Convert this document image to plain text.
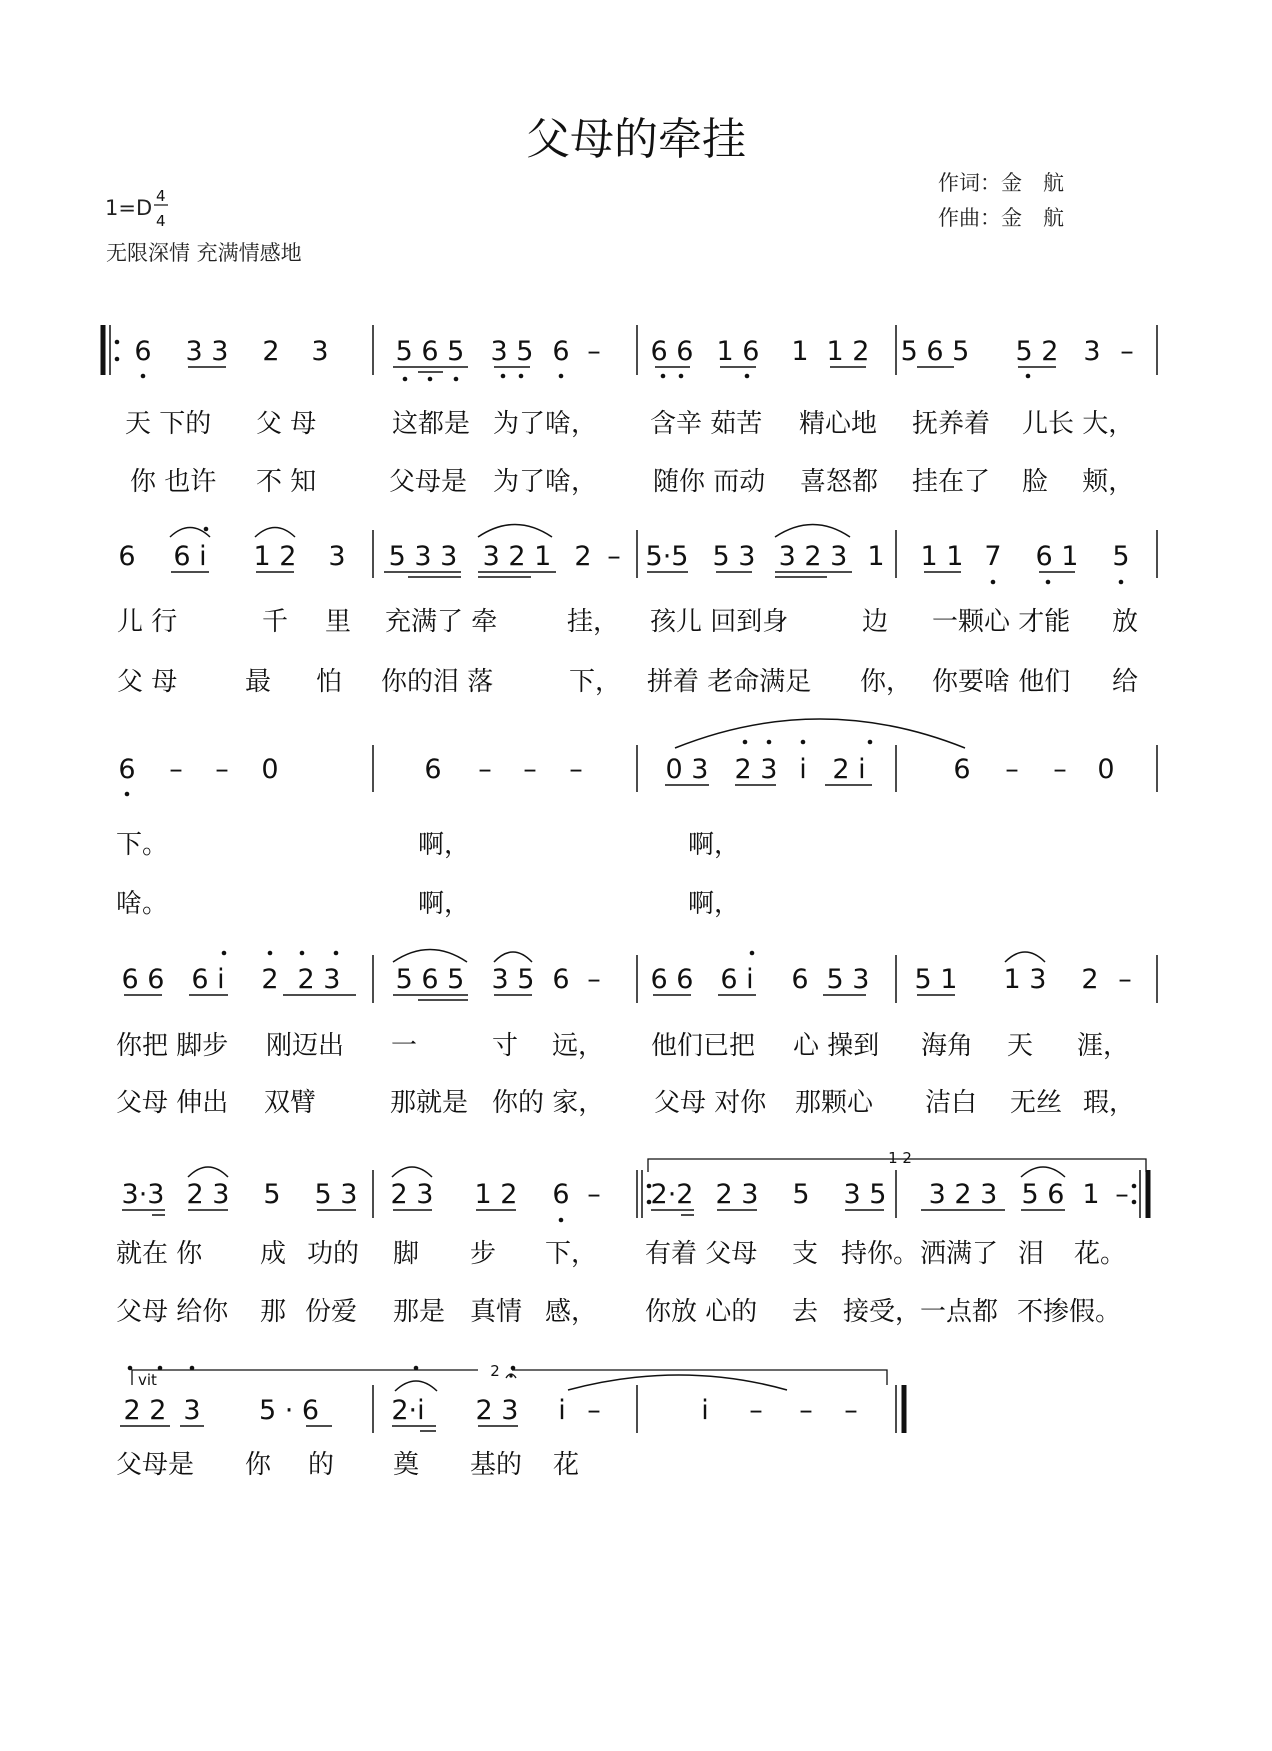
父母的牵挂
作词：金　航
作曲：金　航
1=D 4
4
无限深情 充满情感地
6 3 3 2 3 5 6 5 3 5 6 – 6 6 1 6 1 1 2 5 6 5 5 2 3 –
天 下的 父 母	这都是 为了啥， 含辛 茹苦 精心地 抚养着 儿长 大，
你 也许 不 知	父母是 为了啥， 随你 而动 喜怒都 挂在了 脸　 颊，
6 6 i 1 2 3 5 3 3 3 2 1 2 – 5·5 5 3 3 2 3 1 1 1 7 6 1 5
儿 行	千 里 充满了 牵	挂， 孩儿 回到身	边 一颗心 才能 放
父 母	最 怕 你的泪 落	下， 拼着 老命满足 你， 你要啥 他们 给
6 – – 0	6 – – –	0 3 2 3 i 2 i	6 – – 0
下。	啊，	啊，
啥。	啊，	啊，
6 6 6 i 2 2 3 5 6 5 3 5 6 – 6 6 6 i 6 5 3 5 1 1 3 2 –
你把 脚步 刚迈出 一	寸 远， 他们已把 心 操到 海角 天 涯，
父母 伸出 双臂	那就是 你的 家， 父母 对你 那颗心 洁白 无丝 瑕，
1 2
3·3 2 3 5 5 3 2 3 1 2 6 – 2·2 2 3 5 3 5 3 2 3 5 6 1 –
就在 你 成 功的 脚 步 下， 有着 父母 支 持你。 洒满了 泪 花。
父母 给你 那 份爱 那是 真情 感， 你放 心的 去 接受，
一点都 不掺假。
2
vit
2 2 3 5 · 6	2·i 2 3 i –	i – – –
父母是 你 的 奠 基的 花
